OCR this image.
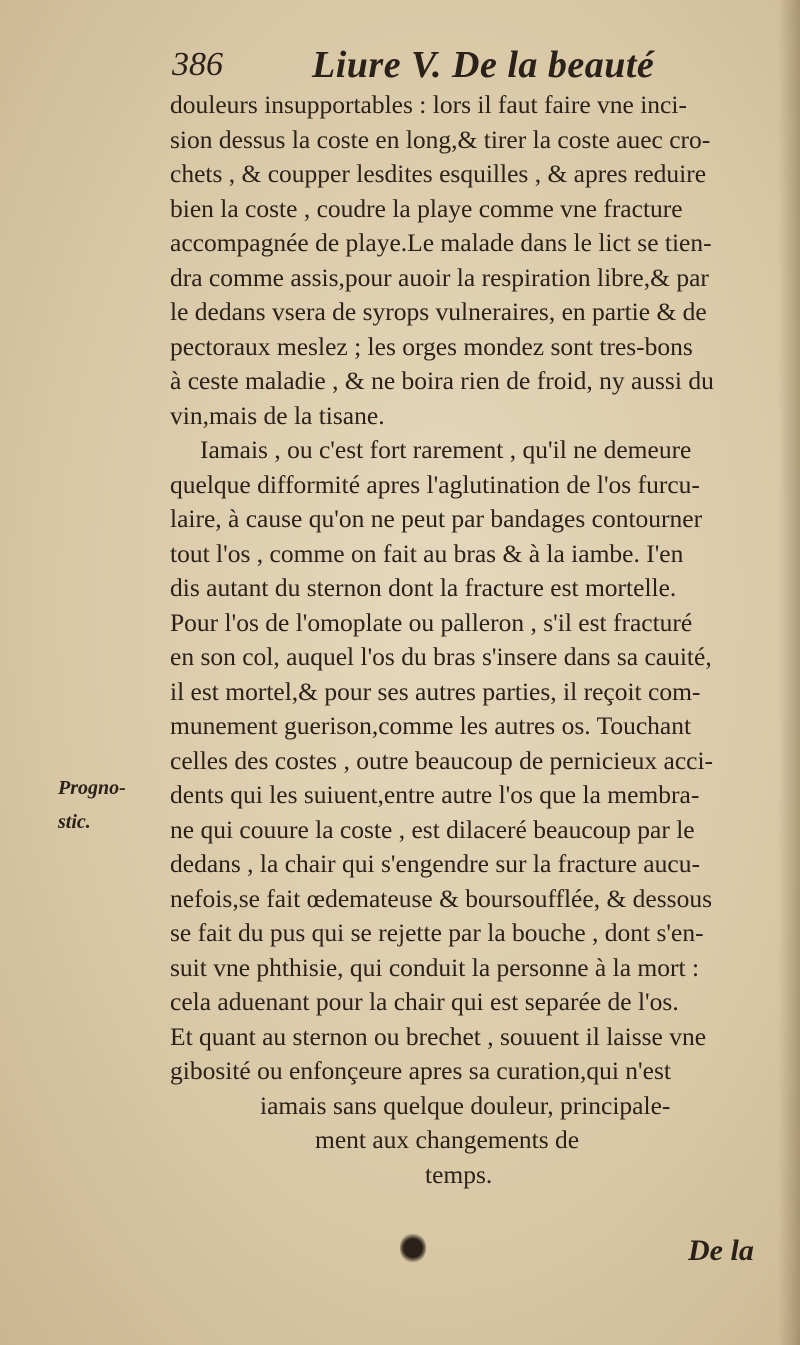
386 Liure V. De la beauté
Progno-
stic.
douleurs insupportables : lors il faut faire vne inci-
sion dessus la coste en long,& tirer la coste auec cro-
chets , & coupper lesdites esquilles , & apres reduire
bien la coste , coudre la playe comme vne fracture
accompagnée de playe.Le malade dans le lict se tien-
dra comme assis,pour auoir la respiration libre,& par
le dedans vsera de syrops vulneraires, en partie & de
pectoraux meslez ; les orges mondez sont tres-bons
à ceste maladie , & ne boira rien de froid, ny aussi du
vin,mais de la tisane.
Iamais , ou c'est fort rarement , qu'il ne demeure
quelque difformité apres l'aglutination de l'os furcu-
laire, à cause qu'on ne peut par bandages contourner
tout l'os , comme on fait au bras & à la iambe. I'en
dis autant du sternon dont la fracture est mortelle.
Pour l'os de l'omoplate ou palleron , s'il est fracturé
en son col, auquel l'os du bras s'insere dans sa cauité,
il est mortel,& pour ses autres parties, il reçoit com-
munement guerison,comme les autres os. Touchant
celles des costes , outre beaucoup de pernicieux acci-
dents qui les suiuent,entre autre l'os que la membra-
ne qui couure la coste , est dilaceré beaucoup par le
dedans , la chair qui s'engendre sur la fracture aucu-
nefois,se fait œdemateuse & boursoufflée, & dessous
se fait du pus qui se rejette par la bouche , dont s'en-
suit vne phthisie, qui conduit la personne à la mort :
cela aduenant pour la chair qui est separée de l'os.
Et quant au sternon ou brechet , souuent il laisse vne
gibosité ou enfonçeure apres sa curation,qui n'est
iamais sans quelque douleur, principale-
ment aux changements de
temps.
De la
